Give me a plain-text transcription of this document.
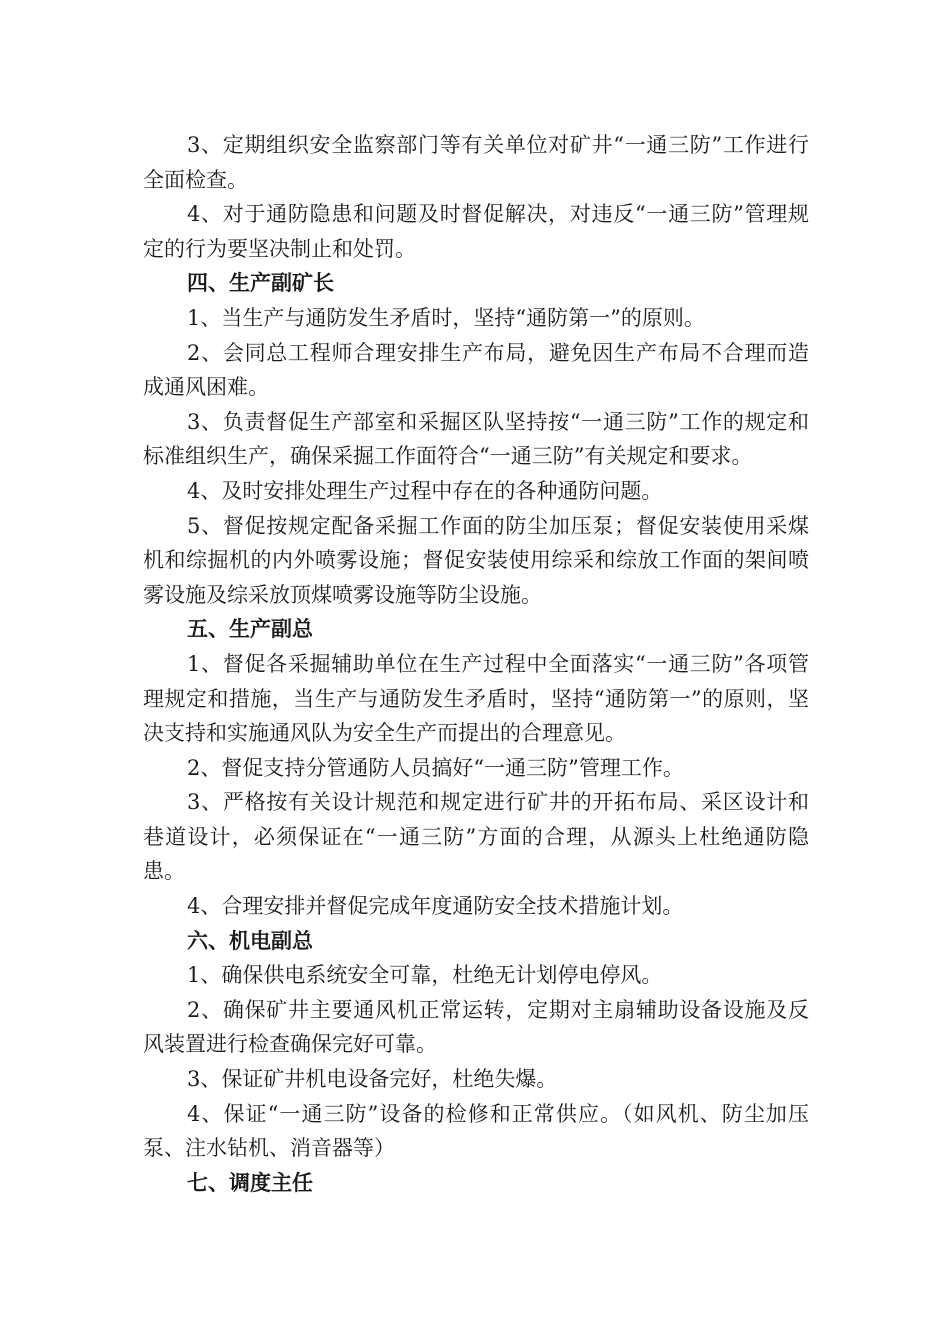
3、定期组织安全监察部门等有关单位对矿井“一通三防”工作进行全面检查。

4、对于通防隐患和问题及时督促解决，对违反“一通三防”管理规定的行为要坚决制止和处罚。

四、生产副矿长

1、当生产与通防发生矛盾时，坚持“通防第一”的原则。

2、会同总工程师合理安排生产布局，避免因生产布局不合理而造成通风困难。

3、负责督促生产部室和采掘区队坚持按“一通三防”工作的规定和标准组织生产，确保采掘工作面符合“一通三防”有关规定和要求。

4、及时安排处理生产过程中存在的各种通防问题。

5、督促按规定配备采掘工作面的防尘加压泵；督促安装使用采煤机和综掘机的内外喷雾设施；督促安装使用综采和综放工作面的架间喷雾设施及综采放顶煤喷雾设施等防尘设施。

五、生产副总

1、督促各采掘辅助单位在生产过程中全面落实“一通三防”各项管理规定和措施，当生产与通防发生矛盾时，坚持“通防第一”的原则，坚决支持和实施通风队为安全生产而提出的合理意见。

2、督促支持分管通防人员搞好“一通三防”管理工作。

3、严格按有关设计规范和规定进行矿井的开拓布局、采区设计和巷道设计，必须保证在“一通三防”方面的合理，从源头上杜绝通防隐患。

4、合理安排并督促完成年度通防安全技术措施计划。

六、机电副总

1、确保供电系统安全可靠，杜绝无计划停电停风。

2、确保矿井主要通风机正常运转，定期对主扇辅助设备设施及反风装置进行检查确保完好可靠。

3、保证矿井机电设备完好，杜绝失爆。

4、保证“一通三防”设备的检修和正常供应。（如风机、防尘加压泵、注水钻机、消音器等）

七、调度主任
